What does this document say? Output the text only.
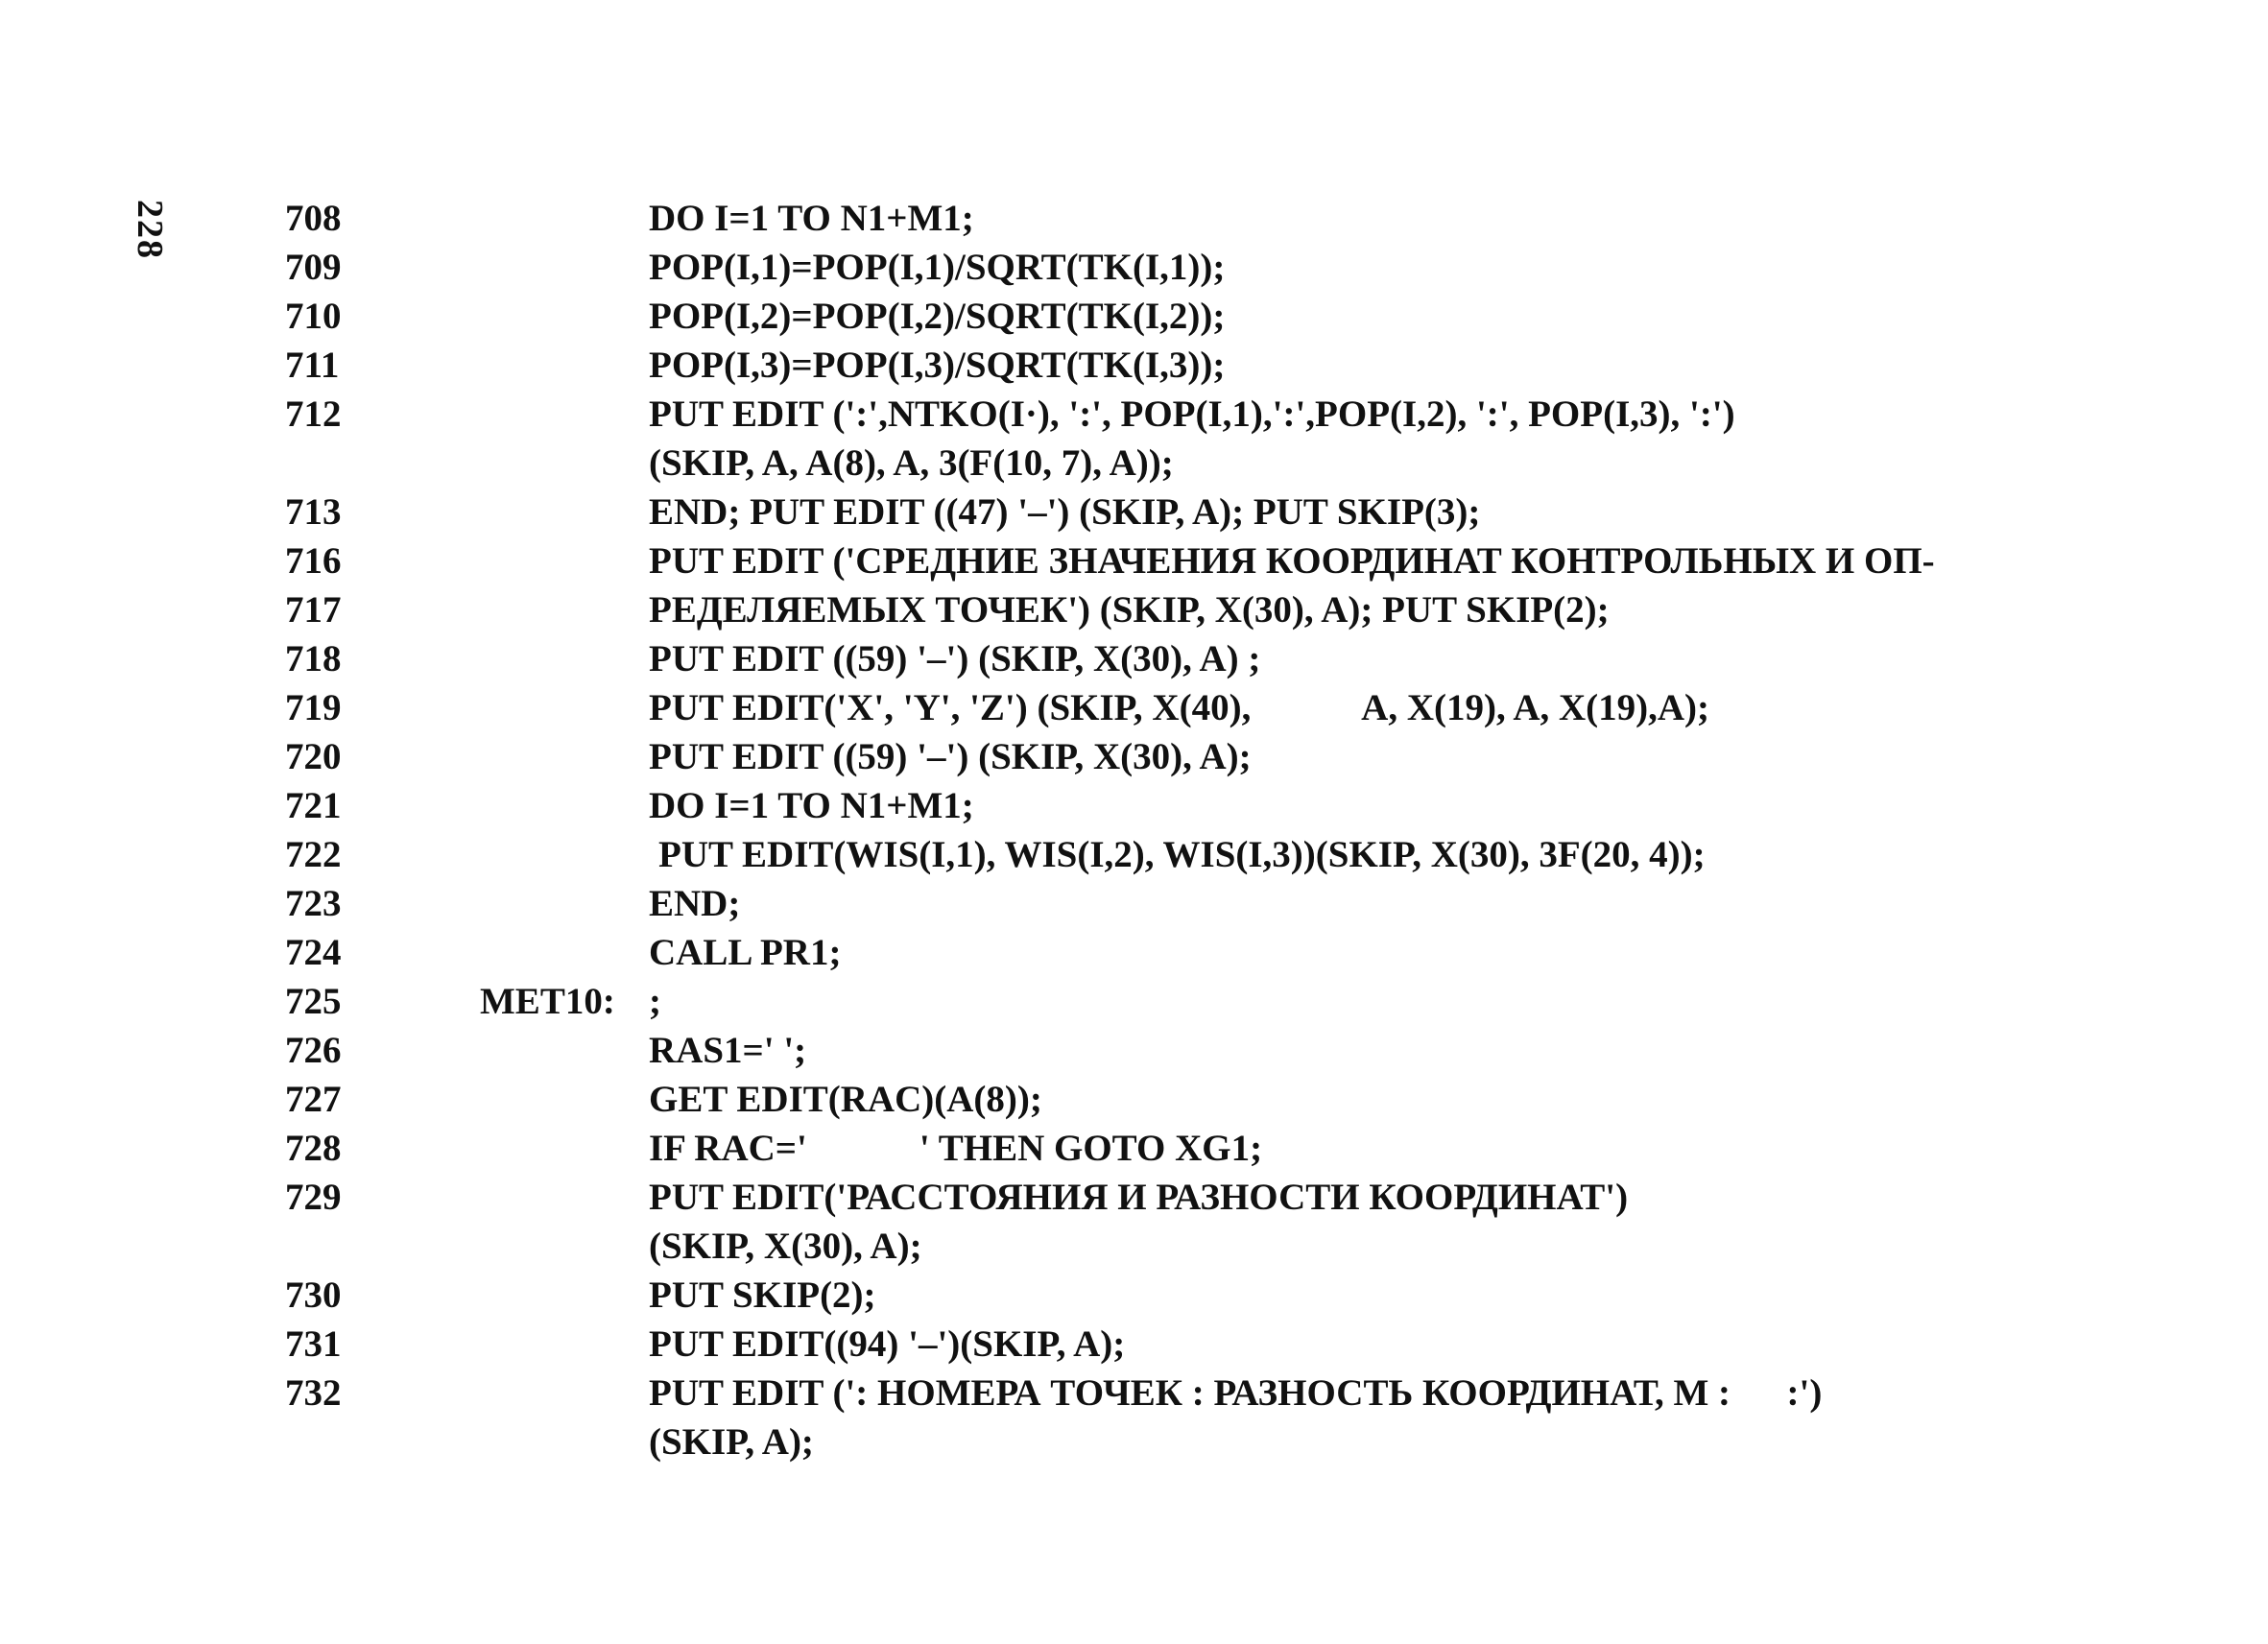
228	708	DO I=1 TO N1+M1;
709	POP(I,1)=POP(I,1)/SQRT(TK(I,1));
710	POP(I,2)=POP(I,2)/SQRT(TK(I,2));
711	POP(I,3)=POP(I,3)/SQRT(TK(I,3));
712	PUT EDIT (':',NTKO(I·), ':', POP(I,1),':',POP(I,2), ':', POP(I,3), ':')
(SKIP, A, A(8), A, 3(F(10, 7), A));
713	END; PUT EDIT ((47) '–') (SKIP, A); PUT SKIP(3);
716	PUT EDIT ('СРЕДНИЕ ЗНАЧЕНИЯ КООРДИНАТ КОНТРОЛЬНЫХ И ОП-
717	РЕДЕЛЯЕМЫХ ТОЧЕК') (SKIP, X(30), A); PUT SKIP(2);
718	PUT EDIT ((59) '–') (SKIP, X(30), A) ;
719	PUT EDIT('X', 'Y', 'Z') (SKIP, X(40),            A, X(19), A, X(19),A);
720	PUT EDIT ((59) '–') (SKIP, X(30), A);
721	DO I=1 TO N1+M1;
722	PUT EDIT(WIS(I,1), WIS(I,2), WIS(I,3))(SKIP, X(30), 3F(20, 4));
723	END;
724	CALL PR1;
725	MET10: ;
726	RAS1=' ';
727	GET EDIT(RAC)(A(8));
728	IF RAC='            ' THEN GOTO XG1;
729	PUT EDIT('РАССТОЯНИЯ И РАЗНОСТИ КООРДИНАТ')
(SKIP, X(30), A);
730	PUT SKIP(2);
731	PUT EDIT((94) '–')(SKIP, A);
732	PUT EDIT (': НОМЕРА ТОЧЕК : РАЗНОСТЬ КООРДИНАТ, М :      :')
(SKIP, A);
